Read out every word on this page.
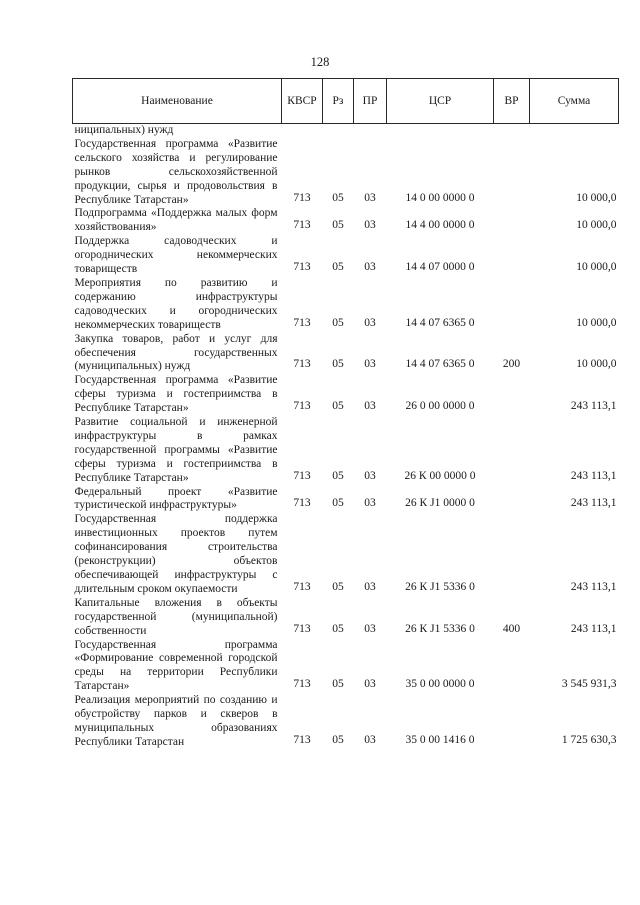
128
Наименование	КВСР	Рз	ПР	ЦСР	ВР	Сумма
ниципальных) нужд						
Государственная программа «Развитие сельского хозяйства и регулирование рынков сельскохозяйственной продукции, сырья и продовольствия в Республике Татарстан»	713	05	03	14 0 00 0000 0		10 000,0
Подпрограмма «Поддержка малых форм хозяйствования»	713	05	03	14 4 00 0000 0		10 000,0
Поддержка садоводческих и огороднических некоммерческих товариществ	713	05	03	14 4 07 0000 0		10 000,0
Мероприятия по развитию и содержанию инфраструктуры садоводческих и огороднических некоммерческих товариществ	713	05	03	14 4 07 6365 0		10 000,0
Закупка товаров, работ и услуг для обеспечения государственных (муниципальных) нужд	713	05	03	14 4 07 6365 0	200	10 000,0
Государственная программа «Развитие сферы туризма и гостеприимства в Республике Татарстан»	713	05	03	26 0 00 0000 0		243 113,1
Развитие социальной и инженерной инфраструктуры в рамках государственной программы «Развитие сферы туризма и гостеприимства в Республике Татарстан»	713	05	03	26 К 00 0000 0		243 113,1
Федеральный проект «Развитие туристической инфраструктуры»	713	05	03	26 К J1 0000 0		243 113,1
Государственная поддержка инвестиционных проектов путем софинансирования строительства (реконструкции) объектов обеспечивающей инфраструктуры с длительным сроком окупаемости	713	05	03	26 К J1 5336 0		243 113,1
Капитальные вложения в объекты государственной (муниципальной) собственности	713	05	03	26 К J1 5336 0	400	243 113,1
Государственная программа «Формирование современной городской среды на территории Республики Татарстан»	713	05	03	35 0 00 0000 0		3 545 931,3
Реализация мероприятий по созданию и обустройству парков и скверов в муниципальных образованиях Республики Татарстан	713	05	03	35 0 00 1416 0		1 725 630,3
